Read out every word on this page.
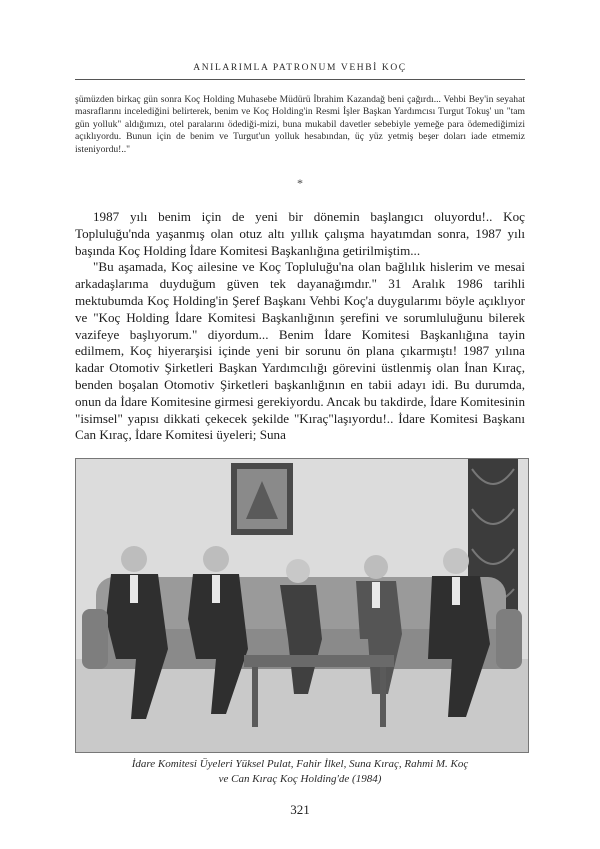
ANILARIMLA PATRONUM VEHBİ KOÇ

şümüzden birkaç gün sonra Koç Holding Muhasebe Müdürü İbrahim Kazandağ beni çağırdı... Vehbi Bey'in seyahat masraflarını incelediğini belirterek, benim ve Koç Holding'in Resmi İşler Başkan Yardımcısı Turgut Tokuş' un "tam gün yolluk" aldığımızı, otel paralarını ödediği-mizi, buna mukabil davetler sebebiyle yemeğe para ödemediğimizi açıklıyordu. Bunun için de benim ve Turgut'un yolluk hesabından, üç yüz yetmiş beşer doları iade etmemiz isteniyordu!.."

*

1987 yılı benim için de yeni bir dönemin başlangıcı oluyordu!.. Koç Topluluğu'nda yaşanmış olan otuz altı yıllık çalışma hayatımdan sonra, 1987 yılı başında Koç Holding İdare Komitesi Başkanlığına getirilmiştim...

"Bu aşamada, Koç ailesine ve Koç Topluluğu'na olan bağlılık hislerim ve mesai arkadaşlarıma duyduğum güven tek dayanağımdır." 31 Aralık 1986 tarihli mektubumda Koç Holding'in Şeref Başkanı Vehbi Koç'a duygularımı böyle açıklıyor ve "Koç Holding İdare Komitesi Başkanlığının şerefini ve sorumluluğunu bilerek vazifeye başlıyorum." diyordum... Benim İdare Komitesi Başkanlığına tayin edilmem, Koç hiyerarşisi içinde yeni bir sorunu ön plana çıkarmıştı! 1987 yılına kadar Otomotiv Şirketleri Başkan Yardımcılığı görevini üstlenmiş olan İnan Kıraç, benden boşalan Otomotiv Şirketleri başkanlığının en tabii adayı idi. Bu durumda, onun da İdare Komitesine girmesi gerekiyordu. Ancak bu takdirde, İdare Komitesinin "isimsel" yapısı dikkati çekecek şekilde "Kıraç"laşıyordu!.. İdare Komitesi Başkanı Can Kıraç, İdare Komitesi üyeleri; Suna

İdare Komitesi Üyeleri Yüksel Pulat, Fahir İlkel, Suna Kıraç, Rahmi M. Koç
ve Can Kıraç Koç Holding'de (1984)
321
